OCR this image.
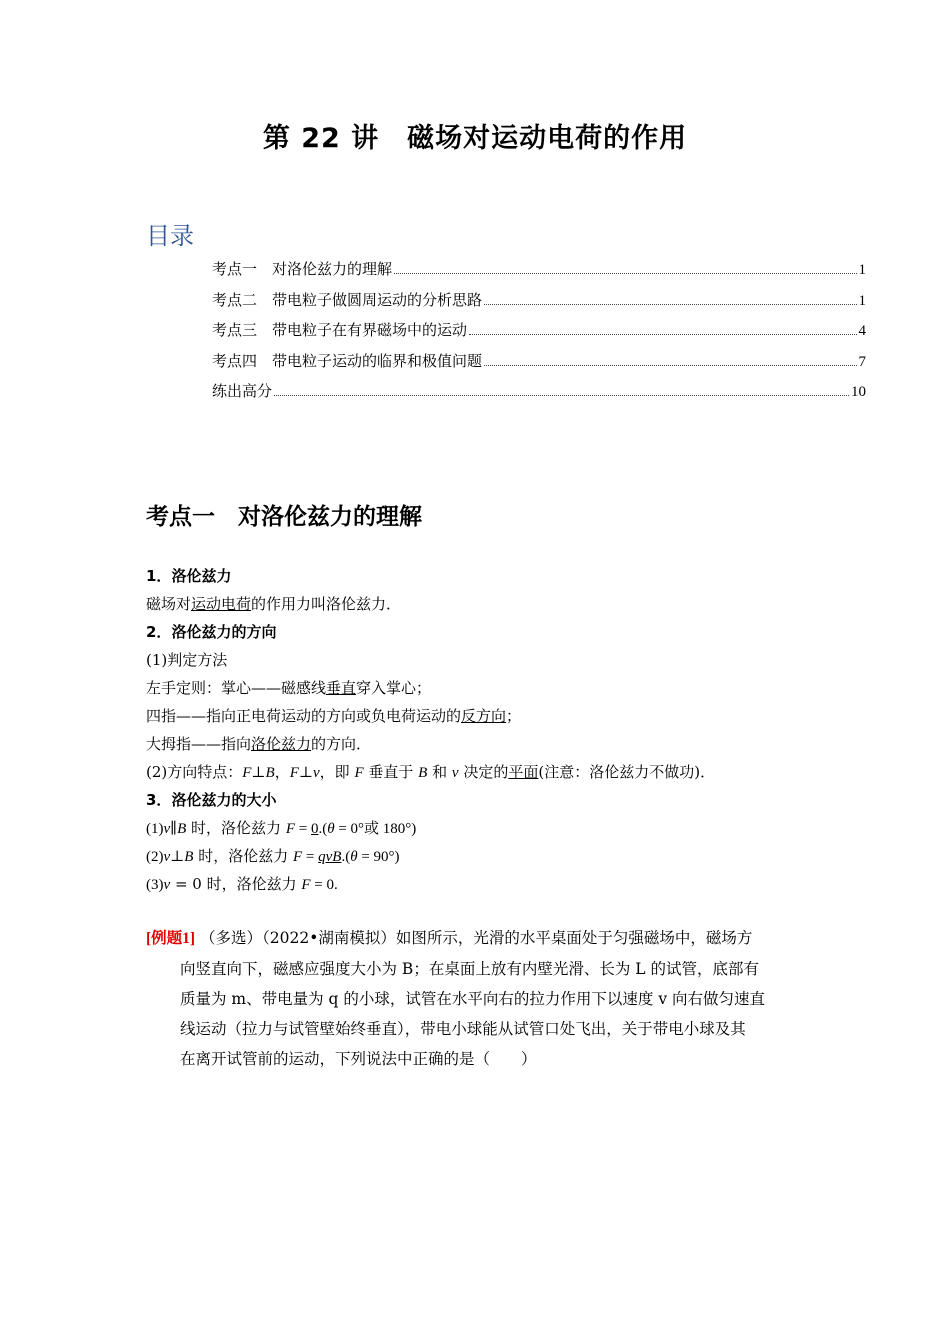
第 22 讲　磁场对运动电荷的作用
目录
考点一　对洛伦兹力的理解	1
考点二　带电粒子做圆周运动的分析思路	1
考点三　带电粒子在有界磁场中的运动	4
考点四　带电粒子运动的临界和极值问题	7
练出高分	10
考点一　对洛伦兹力的理解
1．洛伦兹力
磁场对运动电荷的作用力叫洛伦兹力．
2．洛伦兹力的方向
(1)判定方法
左手定则：掌心——磁感线垂直穿入掌心；
四指——指向正电荷运动的方向或负电荷运动的反方向；
大拇指——指向洛伦兹力的方向．
(2)方向特点：F⊥B，F⊥v，即 F 垂直于 B 和 v 决定的平面(注意：洛伦兹力不做功)．
3．洛伦兹力的大小
(1)v∥B 时，洛伦兹力 F = 0.(θ = 0°或 180°)
(2)v⊥B 时，洛伦兹力 F = qvB.(θ = 90°)
(3)v = 0 时，洛伦兹力 F = 0.
[例题1] （多选）（2022•湖南模拟）如图所示，光滑的水平桌面处于匀强磁场中，磁场方
向竖直向下，磁感应强度大小为 B；在桌面上放有内壁光滑、长为 L 的试管，底部有
质量为 m、带电量为 q 的小球，试管在水平向右的拉力作用下以速度 v 向右做匀速直
线运动（拉力与试管壁始终垂直），带电小球能从试管口处飞出，关于带电小球及其
在离开试管前的运动，下列说法中正确的是（　　）
